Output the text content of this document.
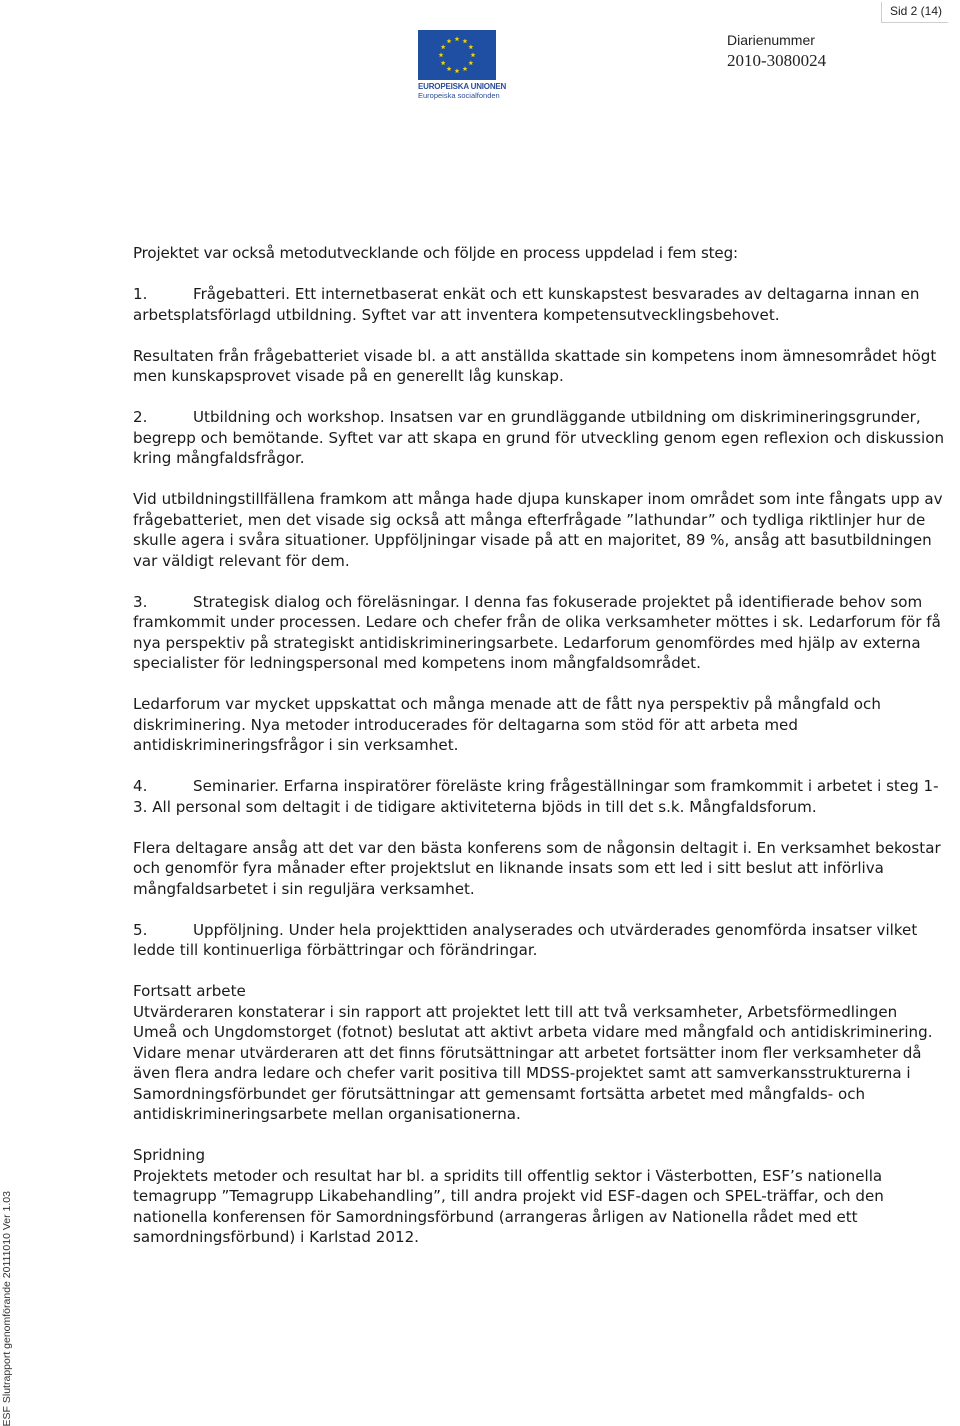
Sid 2 (14)
EUROPEISKA UNIONEN
Europeiska socialfonden
Diarienummer
2010-3080024
ESF Slutrapport genomförande 20111010 Ver 1.03

Projektet var också metodutvecklande och följde en process uppdelad i fem steg:

1.	Frågebatteri. Ett internetbaserat enkät och ett kunskapstest besvarades av deltagarna innan en arbetsplatsförlagd utbildning. Syftet var att inventera kompetensutvecklingsbehovet.

Resultaten från frågebatteriet visade bl. a att anställda skattade sin kompetens inom ämnesområdet högt men kunskapsprovet visade på en generellt låg kunskap.

2.	Utbildning och workshop. Insatsen var en grundläggande utbildning om diskrimineringsgrunder, begrepp och bemötande. Syftet var att skapa en grund för utveckling genom egen reflexion och diskussion kring mångfaldsfrågor.

Vid utbildningstillfällena framkom att många hade djupa kunskaper inom området som inte fångats upp av frågebatteriet, men det visade sig också att många efterfrågade ”lathundar” och tydliga riktlinjer hur de skulle agera i svåra situationer. Uppföljningar visade på att en majoritet, 89 %, ansåg att basutbildningen var väldigt relevant för dem.

3.	Strategisk dialog och föreläsningar. I denna fas fokuserade projektet på identifierade behov som framkommit under processen. Ledare och chefer från de olika verksamheter möttes i sk. Ledarforum för få nya perspektiv på strategiskt antidiskrimineringsarbete. Ledarforum genomfördes med hjälp av externa specialister för ledningspersonal med kompetens inom mångfaldsområdet.

Ledarforum var mycket uppskattat och många menade att de fått nya perspektiv på mångfald och diskriminering. Nya metoder introducerades för deltagarna som stöd för att arbeta med antidiskrimineringsfrågor i sin verksamhet.

4.	Seminarier. Erfarna inspiratörer föreläste kring frågeställningar som framkommit i arbetet i steg 1-3. All personal som deltagit i de tidigare aktiviteterna bjöds in till det s.k. Mångfaldsforum.

Flera deltagare ansåg att det var den bästa konferens som de någonsin deltagit i. En verksamhet bekostar och genomför fyra månader efter projektslut en liknande insats som ett led i sitt beslut att införliva mångfaldsarbetet i sin reguljära verksamhet.

5.	Uppföljning. Under hela projekttiden analyserades och utvärderades genomförda insatser vilket ledde till kontinuerliga förbättringar och förändringar.

Fortsatt arbete
Utvärderaren konstaterar i sin rapport att projektet lett till att två verksamheter, Arbetsförmedlingen Umeå och Ungdomstorget (fotnot) beslutat att aktivt arbeta vidare med mångfald och antidiskriminering. Vidare menar utvärderaren att det finns förutsättningar att arbetet fortsätter inom fler verksamheter då även flera andra ledare och chefer varit positiva till MDSS-projektet samt att samverkansstrukturerna i Samordningsförbundet ger förutsättningar att gemensamt fortsätta arbetet med mångfalds- och antidiskrimineringsarbete mellan organisationerna.

Spridning
Projektets metoder och resultat har bl. a spridits till offentlig sektor i Västerbotten, ESF’s nationella temagrupp ”Temagrupp Likabehandling”, till andra projekt vid ESF-dagen och SPEL-träffar, och den nationella konferensen för Samordningsförbund (arrangeras årligen av Nationella rådet med ett samordningsförbund) i Karlstad 2012.
